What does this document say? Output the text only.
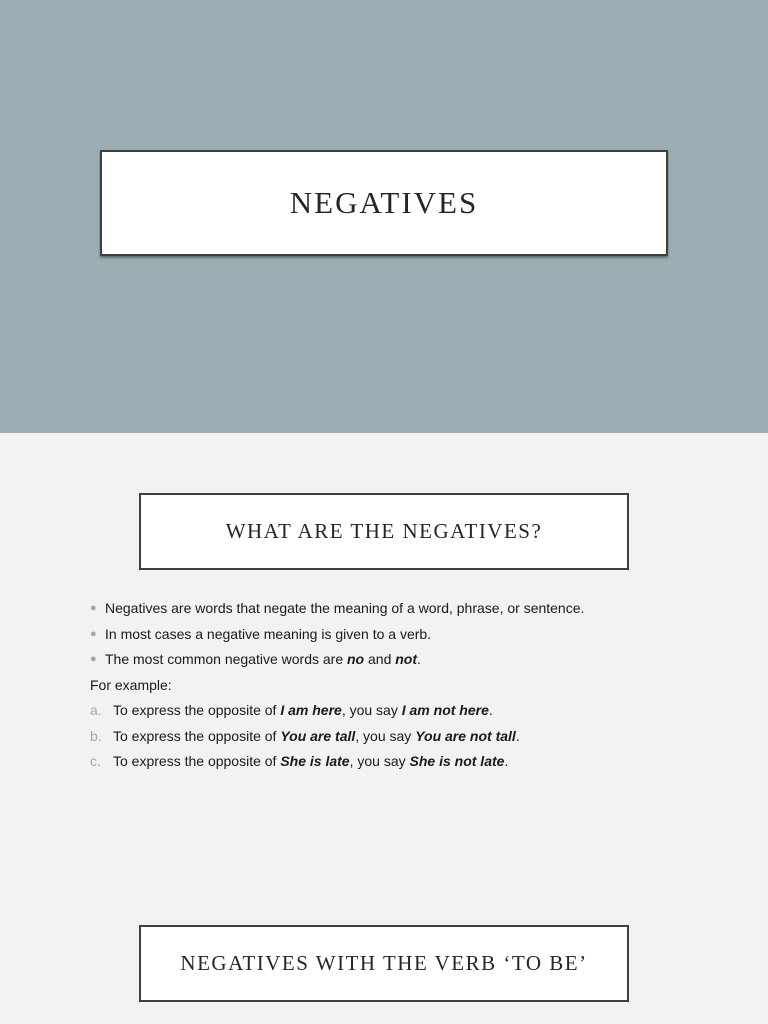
NEGATIVES
WHAT ARE THE NEGATIVES?
● Negatives are words that negate the meaning of a word, phrase, or sentence.
● In most cases a negative meaning is given to a verb.
● The most common negative words are no and not.
For example:
a. To express the opposite of I am here, you say I am not here.
b. To express the opposite of You are tall, you say You are not tall.
c. To express the opposite of She is late, you say She is not late.
NEGATIVES WITH THE VERB ‘TO BE’
